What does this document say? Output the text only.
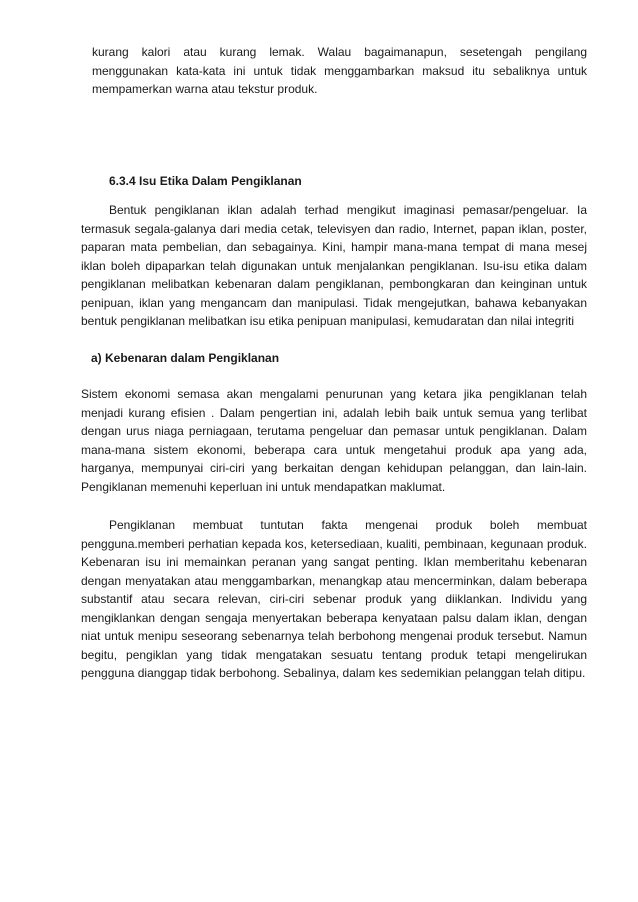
kurang kalori atau kurang lemak. Walau bagaimanapun, sesetengah pengilang menggunakan kata-kata ini untuk tidak menggambarkan maksud itu sebaliknya untuk mempamerkan warna atau tekstur produk.

6.3.4 Isu Etika Dalam Pengiklanan

Bentuk pengiklanan iklan adalah terhad mengikut imaginasi pemasar/pengeluar. Ia termasuk segala-galanya dari media cetak, televisyen dan radio, Internet, papan iklan, poster, paparan mata pembelian, dan sebagainya. Kini, hampir mana-mana tempat di mana mesej iklan boleh dipaparkan telah digunakan untuk menjalankan pengiklanan. Isu-isu etika dalam pengiklanan melibatkan kebenaran dalam pengiklanan, pembongkaran dan keinginan untuk penipuan, iklan yang mengancam dan manipulasi. Tidak mengejutkan, bahawa kebanyakan bentuk pengiklanan melibatkan isu etika penipuan manipulasi, kemudaratan dan nilai integriti

a) Kebenaran dalam Pengiklanan

Sistem ekonomi semasa akan mengalami penurunan yang ketara jika pengiklanan telah menjadi kurang efisien . Dalam pengertian ini, adalah lebih baik untuk semua yang terlibat dengan urus niaga perniagaan, terutama pengeluar dan pemasar untuk pengiklanan. Dalam mana-mana sistem ekonomi, beberapa cara untuk mengetahui produk apa yang ada, harganya, mempunyai ciri-ciri yang berkaitan dengan kehidupan pelanggan, dan lain-lain. Pengiklanan memenuhi keperluan ini untuk mendapatkan maklumat.

Pengiklanan membuat tuntutan fakta mengenai produk boleh membuat pengguna.memberi perhatian kepada kos, ketersediaan, kualiti, pembinaan, kegunaan produk. Kebenaran isu ini memainkan peranan yang sangat penting. Iklan memberitahu kebenaran dengan menyatakan atau menggambarkan, menangkap atau mencerminkan, dalam beberapa substantif atau secara relevan, ciri-ciri sebenar produk yang diiklankan. Individu yang mengiklankan dengan sengaja menyertakan beberapa kenyataan palsu dalam iklan, dengan niat untuk menipu seseorang sebenarnya telah berbohong mengenai produk tersebut. Namun begitu, pengiklan yang tidak mengatakan sesuatu tentang produk tetapi mengelirukan pengguna dianggap tidak berbohong. Sebalinya, dalam kes sedemikian pelanggan telah ditipu.
